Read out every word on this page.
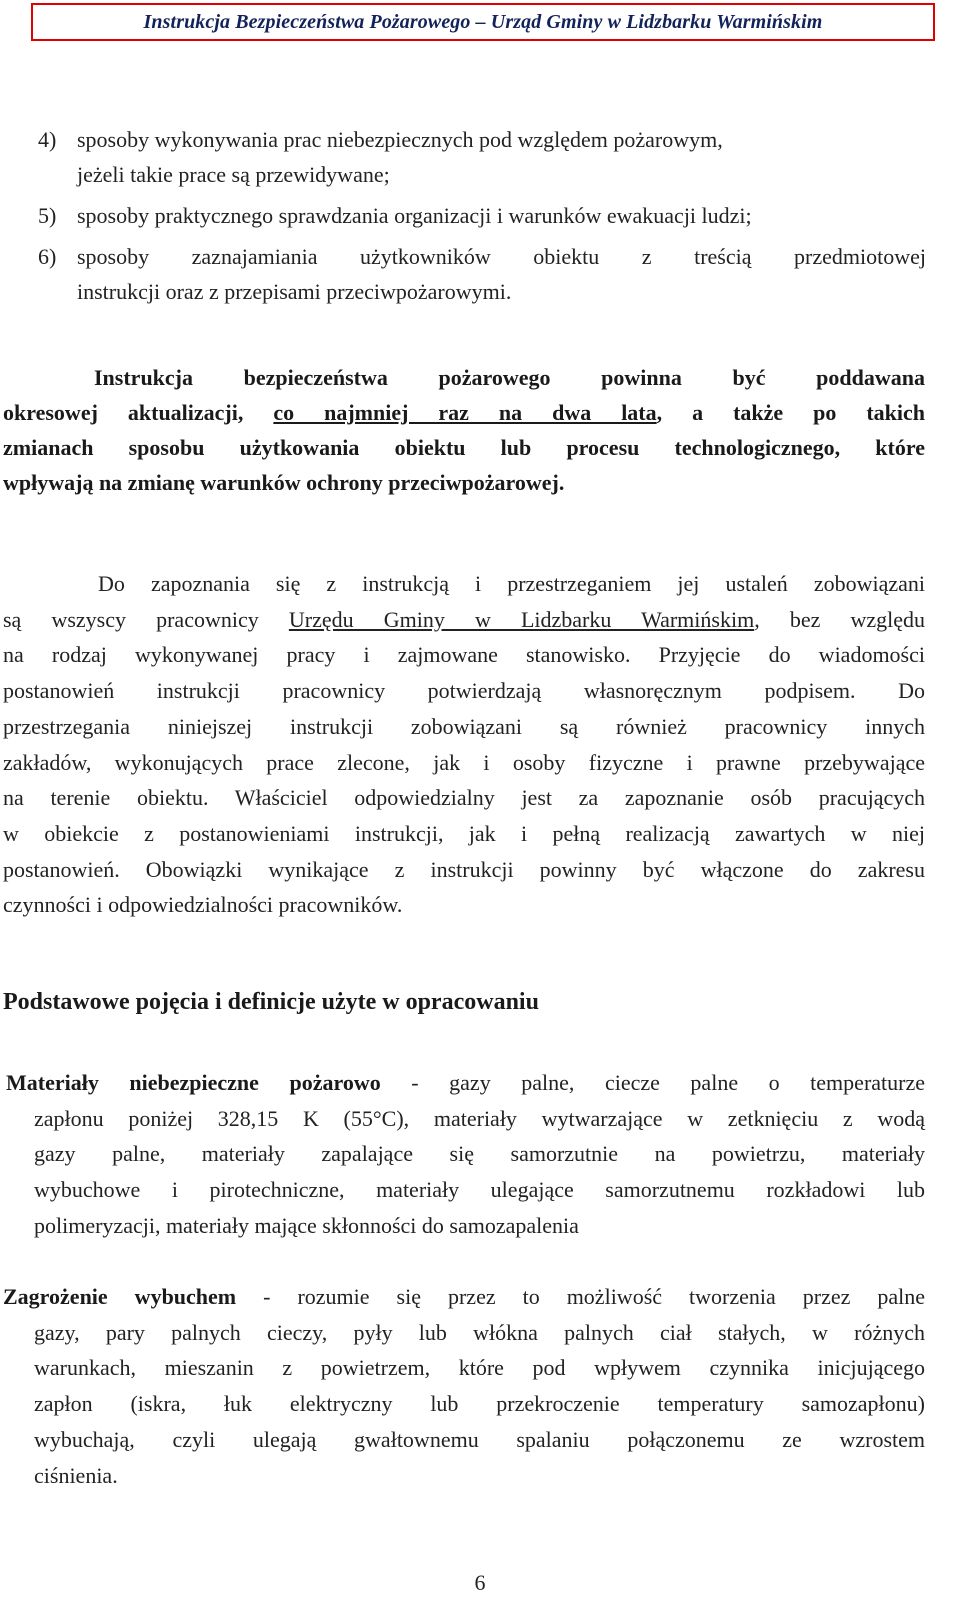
Instrukcja Bezpieczeństwa Pożarowego – Urząd Gminy w Lidzbarku Warmińskim
4) sposoby wykonywania prac niebezpiecznych pod względem pożarowym,
jeżeli takie prace są przewidywane;
5) sposoby praktycznego sprawdzania organizacji i warunków ewakuacji ludzi;
6) sposoby zaznajamiania użytkowników obiektu z treścią przedmiotowej
instrukcji oraz z przepisami przeciwpożarowymi.
Instrukcja bezpieczeństwa pożarowego powinna być poddawana
okresowej aktualizacji, co najmniej raz na dwa lata, a także po takich
zmianach sposobu użytkowania obiektu lub procesu technologicznego, które
wpływają na zmianę warunków ochrony przeciwpożarowej.
Do zapoznania się z instrukcją i przestrzeganiem jej ustaleń zobowiązani
są wszyscy pracownicy Urzędu Gminy w Lidzbarku Warmińskim, bez względu
na rodzaj wykonywanej pracy i zajmowane stanowisko. Przyjęcie do wiadomości
postanowień instrukcji pracownicy potwierdzają własnoręcznym podpisem. Do
przestrzegania niniejszej instrukcji zobowiązani są również pracownicy innych
zakładów, wykonujących prace zlecone, jak i osoby fizyczne i prawne przebywające
na terenie obiektu. Właściciel odpowiedzialny jest za zapoznanie osób pracujących
w obiekcie z postanowieniami instrukcji, jak i pełną realizacją zawartych w niej
postanowień. Obowiązki wynikające z instrukcji powinny być włączone do zakresu
czynności i odpowiedzialności pracowników.
Podstawowe pojęcia i definicje użyte w opracowaniu
Materiały niebezpieczne pożarowo - gazy palne, ciecze palne o temperaturze
zapłonu poniżej 328,15 K (55°C), materiały wytwarzające w zetknięciu z wodą
gazy palne, materiały zapalające się samorzutnie na powietrzu, materiały
wybuchowe i pirotechniczne, materiały ulegające samorzutnemu rozkładowi lub
polimeryzacji, materiały mające skłonności do samozapalenia
Zagrożenie wybuchem - rozumie się przez to możliwość tworzenia przez palne
gazy, pary palnych cieczy, pyły lub włókna palnych ciał stałych, w różnych
warunkach, mieszanin z powietrzem, które pod wpływem czynnika inicjującego
zapłon (iskra, łuk elektryczny lub przekroczenie temperatury samozapłonu)
wybuchają, czyli ulegają gwałtownemu spalaniu połączonemu ze wzrostem
ciśnienia.
6
